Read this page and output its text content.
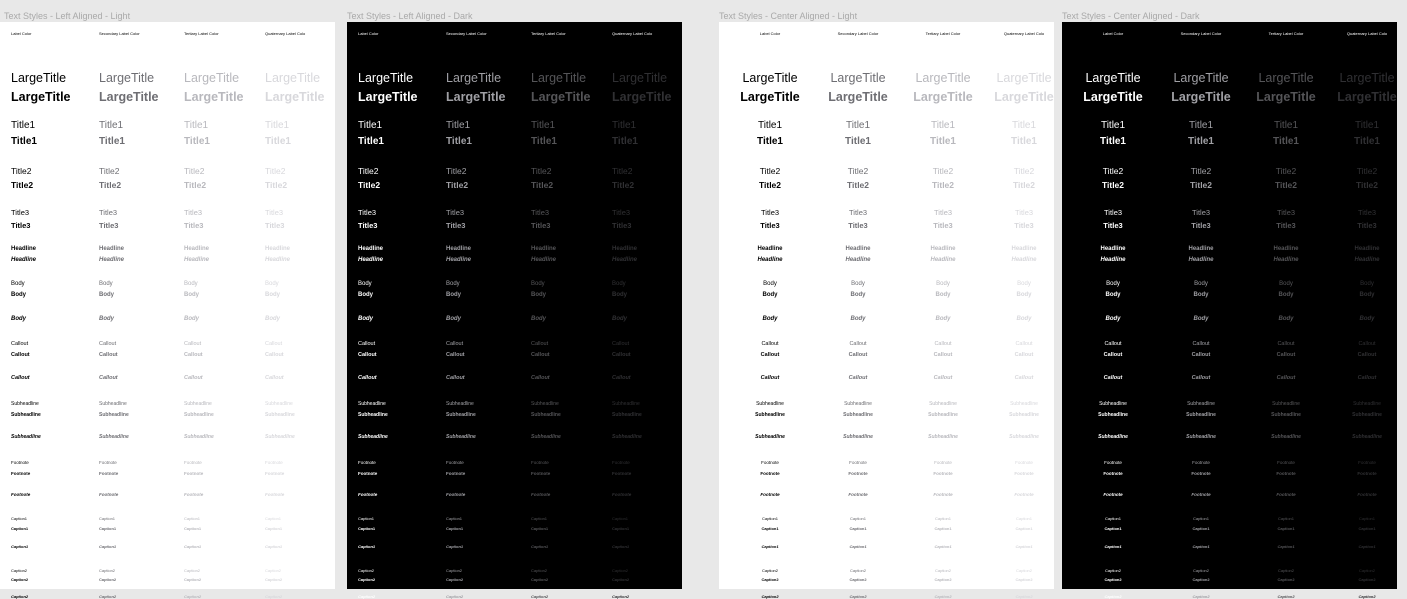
Text Styles - Left Aligned - Light
Label Color
LargeTitle
LargeTitle
Title1
Title1
Title2
Title2
Title3
Title3
Headline
Headline
Body
Body
Body
Callout
Callout
Callout
Subheadline
Subheadline
Subheadline
Footnote
Footnote
Footnote
Caption1
Caption1
Caption1
Caption2
Caption2
Caption2
Secondary Label Color
LargeTitle
LargeTitle
Title1
Title1
Title2
Title2
Title3
Title3
Headline
Headline
Body
Body
Body
Callout
Callout
Callout
Subheadline
Subheadline
Subheadline
Footnote
Footnote
Footnote
Caption1
Caption1
Caption1
Caption2
Caption2
Caption2
Tertiary Label Color
LargeTitle
LargeTitle
Title1
Title1
Title2
Title2
Title3
Title3
Headline
Headline
Body
Body
Body
Callout
Callout
Callout
Subheadline
Subheadline
Subheadline
Footnote
Footnote
Footnote
Caption1
Caption1
Caption1
Caption2
Caption2
Caption2
Quaternary Label Colo
LargeTitle
LargeTitle
Title1
Title1
Title2
Title2
Title3
Title3
Headline
Headline
Body
Body
Body
Callout
Callout
Callout
Subheadline
Subheadline
Subheadline
Footnote
Footnote
Footnote
Caption1
Caption1
Caption1
Caption2
Caption2
Caption2
Text Styles - Left Aligned - Dark
Label Color
LargeTitle
LargeTitle
Title1
Title1
Title2
Title2
Title3
Title3
Headline
Headline
Body
Body
Body
Callout
Callout
Callout
Subheadline
Subheadline
Subheadline
Footnote
Footnote
Footnote
Caption1
Caption1
Caption1
Caption2
Caption2
Caption2
Secondary Label Color
LargeTitle
LargeTitle
Title1
Title1
Title2
Title2
Title3
Title3
Headline
Headline
Body
Body
Body
Callout
Callout
Callout
Subheadline
Subheadline
Subheadline
Footnote
Footnote
Footnote
Caption1
Caption1
Caption1
Caption2
Caption2
Caption2
Tertiary Label Color
LargeTitle
LargeTitle
Title1
Title1
Title2
Title2
Title3
Title3
Headline
Headline
Body
Body
Body
Callout
Callout
Callout
Subheadline
Subheadline
Subheadline
Footnote
Footnote
Footnote
Caption1
Caption1
Caption1
Caption2
Caption2
Caption2
Quaternary Label Colo
LargeTitle
LargeTitle
Title1
Title1
Title2
Title2
Title3
Title3
Headline
Headline
Body
Body
Body
Callout
Callout
Callout
Subheadline
Subheadline
Subheadline
Footnote
Footnote
Footnote
Caption1
Caption1
Caption1
Caption2
Caption2
Caption2
Text Styles - Center Aligned - Light
Label Color
LargeTitle
LargeTitle
Title1
Title1
Title2
Title2
Title3
Title3
Headline
Headline
Body
Body
Body
Callout
Callout
Callout
Subheadline
Subheadline
Subheadline
Footnote
Footnote
Footnote
Caption1
Caption1
Caption1
Caption2
Caption2
Caption2
Secondary Label Color
LargeTitle
LargeTitle
Title1
Title1
Title2
Title2
Title3
Title3
Headline
Headline
Body
Body
Body
Callout
Callout
Callout
Subheadline
Subheadline
Subheadline
Footnote
Footnote
Footnote
Caption1
Caption1
Caption1
Caption2
Caption2
Caption2
Tertiary Label Color
LargeTitle
LargeTitle
Title1
Title1
Title2
Title2
Title3
Title3
Headline
Headline
Body
Body
Body
Callout
Callout
Callout
Subheadline
Subheadline
Subheadline
Footnote
Footnote
Footnote
Caption1
Caption1
Caption1
Caption2
Caption2
Caption2
Quaternary Label Colo
LargeTitle
LargeTitle
Title1
Title1
Title2
Title2
Title3
Title3
Headline
Headline
Body
Body
Body
Callout
Callout
Callout
Subheadline
Subheadline
Subheadline
Footnote
Footnote
Footnote
Caption1
Caption1
Caption1
Caption2
Caption2
Caption2
Text Styles - Center Aligned - Dark
Label Color
LargeTitle
LargeTitle
Title1
Title1
Title2
Title2
Title3
Title3
Headline
Headline
Body
Body
Body
Callout
Callout
Callout
Subheadline
Subheadline
Subheadline
Footnote
Footnote
Footnote
Caption1
Caption1
Caption1
Caption2
Caption2
Caption2
Secondary Label Color
LargeTitle
LargeTitle
Title1
Title1
Title2
Title2
Title3
Title3
Headline
Headline
Body
Body
Body
Callout
Callout
Callout
Subheadline
Subheadline
Subheadline
Footnote
Footnote
Footnote
Caption1
Caption1
Caption1
Caption2
Caption2
Caption2
Tertiary Label Color
LargeTitle
LargeTitle
Title1
Title1
Title2
Title2
Title3
Title3
Headline
Headline
Body
Body
Body
Callout
Callout
Callout
Subheadline
Subheadline
Subheadline
Footnote
Footnote
Footnote
Caption1
Caption1
Caption1
Caption2
Caption2
Caption2
Quaternary Label Colo
LargeTitle
LargeTitle
Title1
Title1
Title2
Title2
Title3
Title3
Headline
Headline
Body
Body
Body
Callout
Callout
Callout
Subheadline
Subheadline
Subheadline
Footnote
Footnote
Footnote
Caption1
Caption1
Caption1
Caption2
Caption2
Caption2
